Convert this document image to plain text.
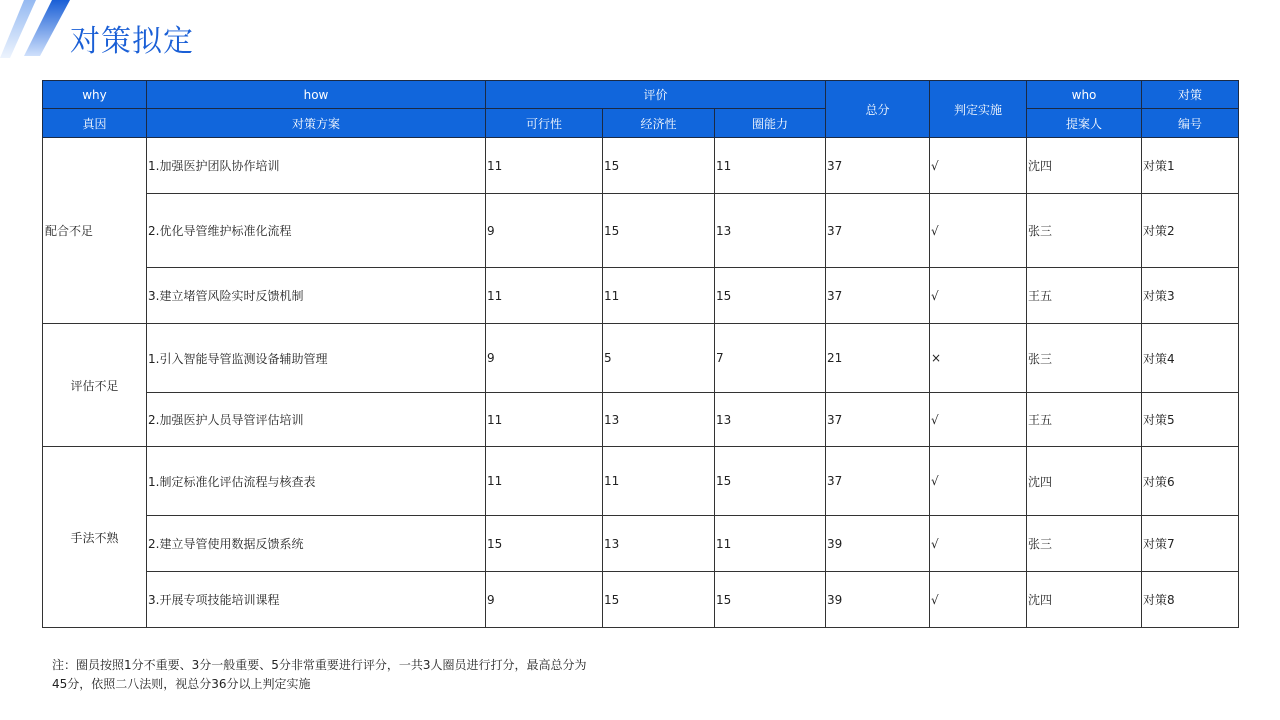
对策拟定
why	how	评价			总分	判定实施	who	对策
真因	对策方案	可行性	经济性	圈能力			提案人	编号
配合不足	1.加强医护团队协作培训	11	15	11	37	√	沈四	对策1
	2.优化导管维护标准化流程	9	15	13	37	√	张三	对策2
	3.建立堵管风险实时反馈机制	11	11	15	37	√	王五	对策3
评估不足	1.引入智能导管监测设备辅助管理	9	5	7	21	×	张三	对策4
	2.加强医护人员导管评估培训	11	13	13	37	√	王五	对策5
手法不熟	1.制定标准化评估流程与核查表	11	11	15	37	√	沈四	对策6
	2.建立导管使用数据反馈系统	15	13	11	39	√	张三	对策7
	3.开展专项技能培训课程	9	15	15	39	√	沈四	对策8
注：圈员按照1分不重要、3分一般重要、5分非常重要进行评分，一共3人圈员进行打分，最高总分为
45分，依照二八法则，视总分36分以上判定实施
